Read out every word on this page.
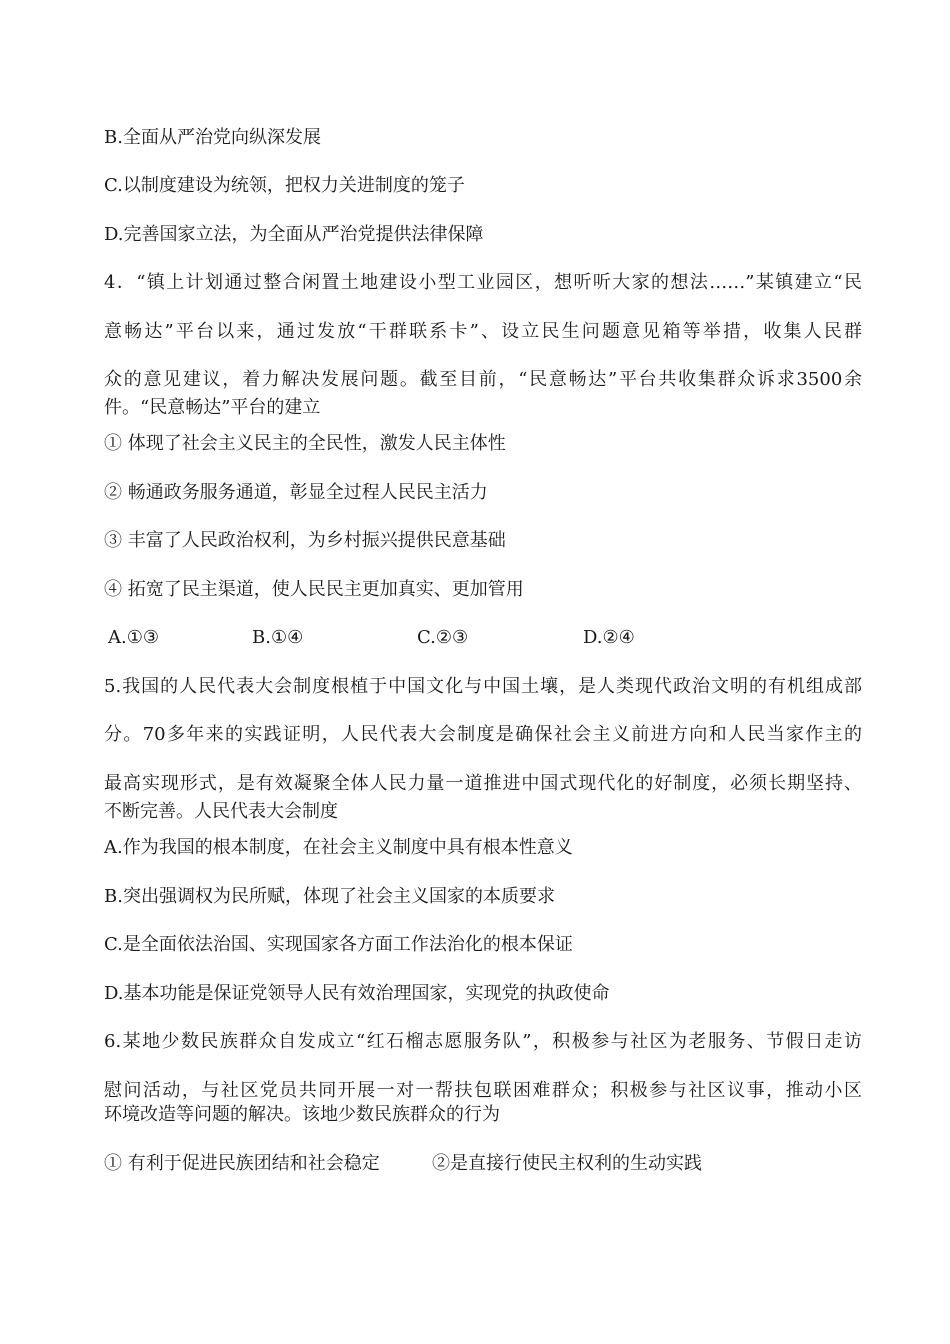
B.全面从严治党向纵深发展
C.以制度建设为统领，把权力关进制度的笼子
D.完善国家立法，为全面从严治党提供法律保障
4．“镇上计划通过整合闲置土地建设小型工业园区，想听听大家的想法……”某镇建立“民
意畅达”平台以来，通过发放“干群联系卡”、设立民生问题意见箱等举措，收集人民群
众的意见建议，着力解决发展问题。截至目前，“民意畅达”平台共收集群众诉求3500余
件。“民意畅达”平台的建立
① 体现了社会主义民主的全民性，激发人民主体性
② 畅通政务服务通道，彰显全过程人民民主活力
③ 丰富了人民政治权利，为乡村振兴提供民意基础
④ 拓宽了民主渠道，使人民民主更加真实、更加管用
A.①③	B.①④	C.②③	D.②④
5.我国的人民代表大会制度根植于中国文化与中国土壤，是人类现代政治文明的有机组成部
分。70多年来的实践证明，人民代表大会制度是确保社会主义前进方向和人民当家作主的
最高实现形式，是有效凝聚全体人民力量一道推进中国式现代化的好制度，必须长期坚持、
不断完善。人民代表大会制度
A.作为我国的根本制度，在社会主义制度中具有根本性意义
B.突出强调权为民所赋，体现了社会主义国家的本质要求
C.是全面依法治国、实现国家各方面工作法治化的根本保证
D.基本功能是保证党领导人民有效治理国家，实现党的执政使命
6.某地少数民族群众自发成立“红石榴志愿服务队”，积极参与社区为老服务、节假日走访
慰问活动，与社区党员共同开展一对一帮扶包联困难群众；积极参与社区议事，推动小区
环境改造等问题的解决。该地少数民族群众的行为
① 有利于促进民族团结和社会稳定	②是直接行使民主权利的生动实践
